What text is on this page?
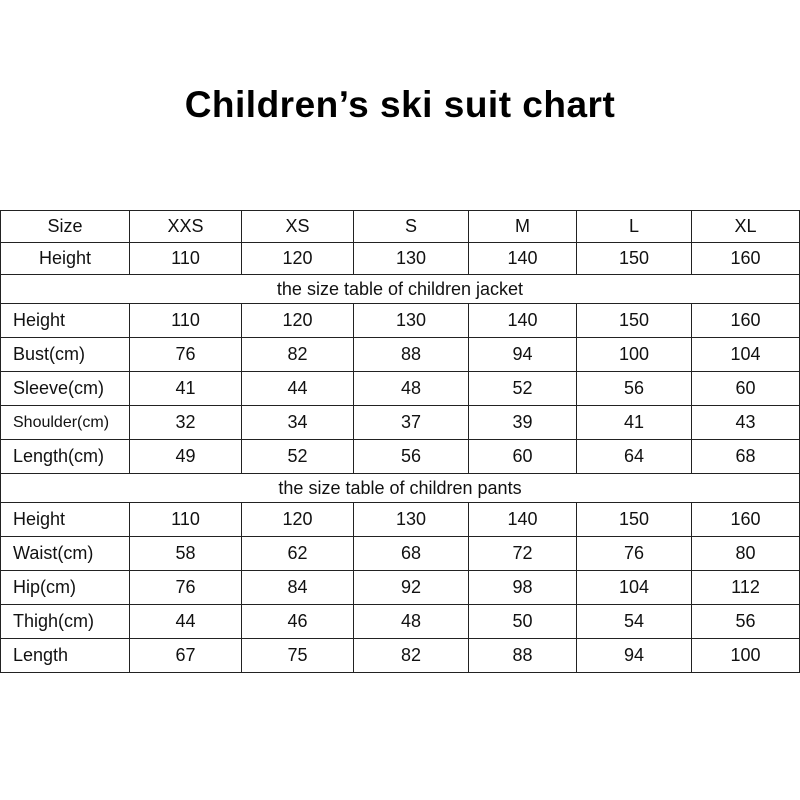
Children’s ski suit chart
Size	XXS	XS	S	M	L	XL
Height	110	120	130	140	150	160
the size table of children jacket						
Height	110	120	130	140	150	160
Bust(cm)	76	82	88	94	100	104
Sleeve(cm)	41	44	48	52	56	60
Shoulder(cm)	32	34	37	39	41	43
Length(cm)	49	52	56	60	64	68
the size table of children pants						
Height	110	120	130	140	150	160
Waist(cm)	58	62	68	72	76	80
Hip(cm)	76	84	92	98	104	112
Thigh(cm)	44	46	48	50	54	56
Length	67	75	82	88	94	100
